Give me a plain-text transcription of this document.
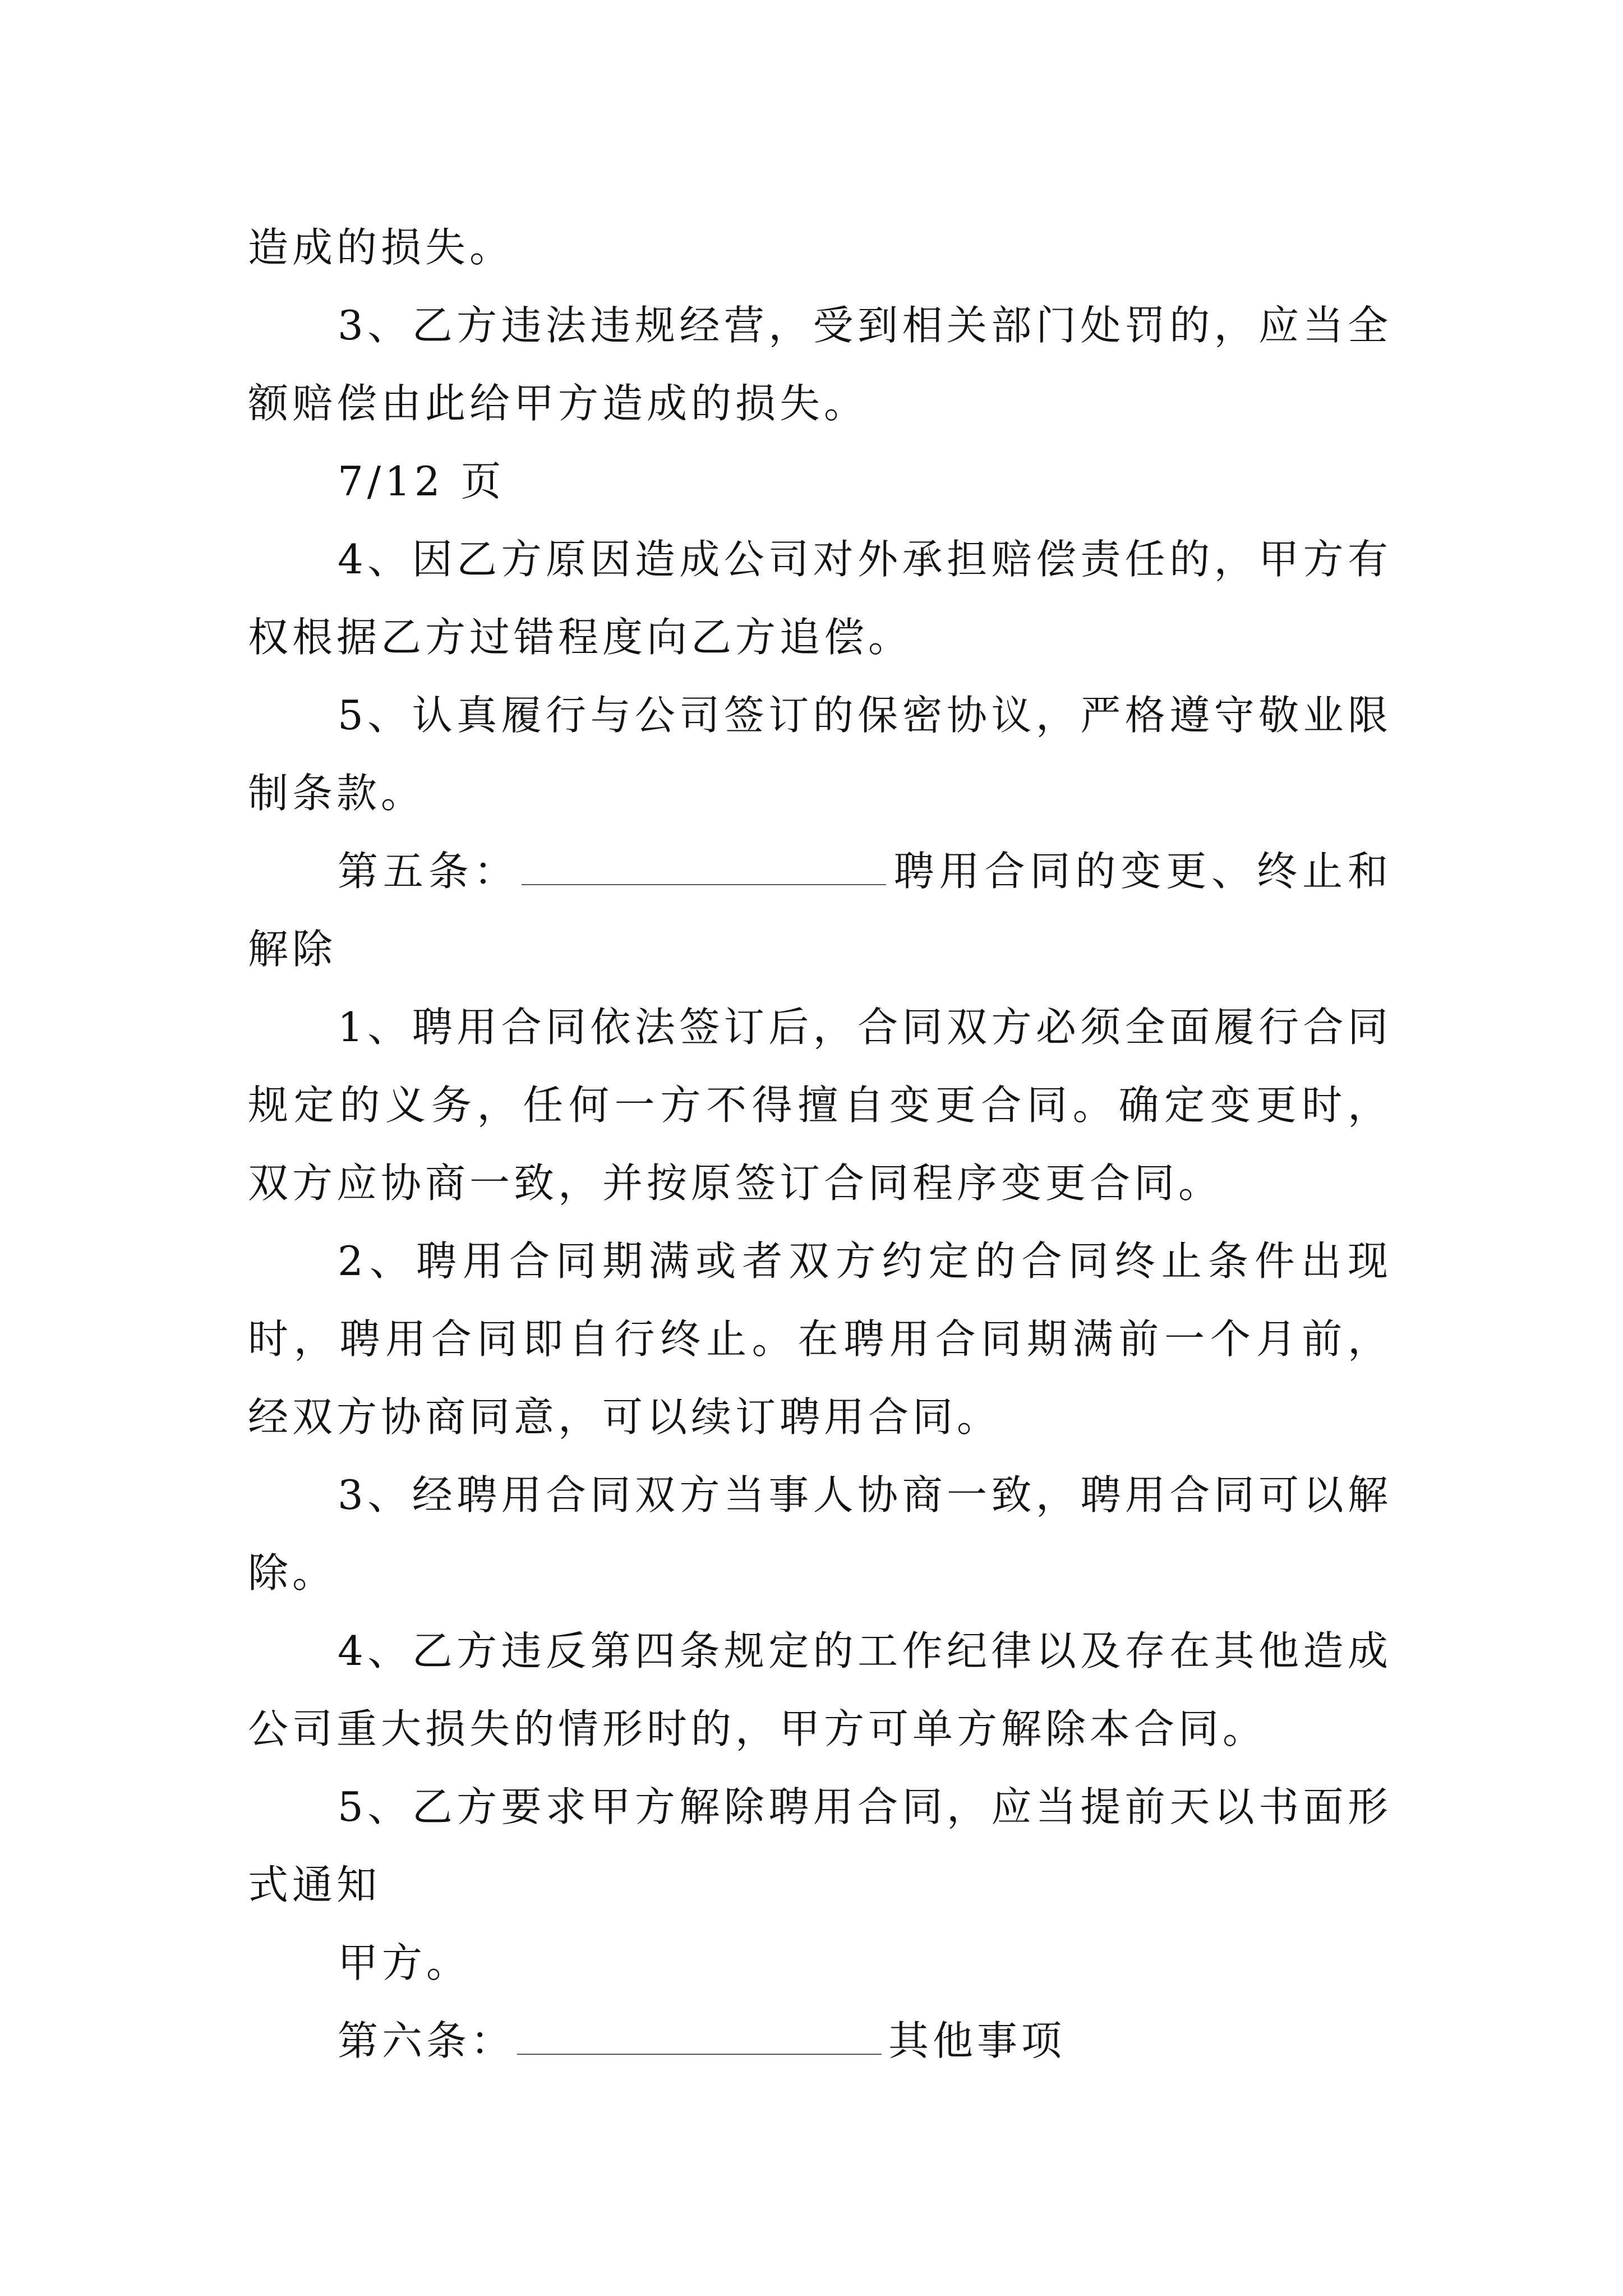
造成的损失。

3、乙方违法违规经营，受到相关部门处罚的，应当全额赔偿由此给甲方造成的损失。

7/12 页

4、因乙方原因造成公司对外承担赔偿责任的，甲方有权根据乙方过错程度向乙方追偿。

5、认真履行与公司签订的保密协议，严格遵守敬业限制条款。

第五条：	聘用合同的变更、终止和解除

1、聘用合同依法签订后，合同双方必须全面履行合同规定的义务，任何一方不得擅自变更合同。确定变更时，双方应协商一致，并按原签订合同程序变更合同。

2、聘用合同期满或者双方约定的合同终止条件出现时，聘用合同即自行终止。在聘用合同期满前一个月前，经双方协商同意，可以续订聘用合同。

3、经聘用合同双方当事人协商一致，聘用合同可以解除。

4、乙方违反第四条规定的工作纪律以及存在其他造成公司重大损失的情形时的，甲方可单方解除本合同。

5、乙方要求甲方解除聘用合同，应当提前天以书面形式通知

甲方。

第六条：	其他事项
